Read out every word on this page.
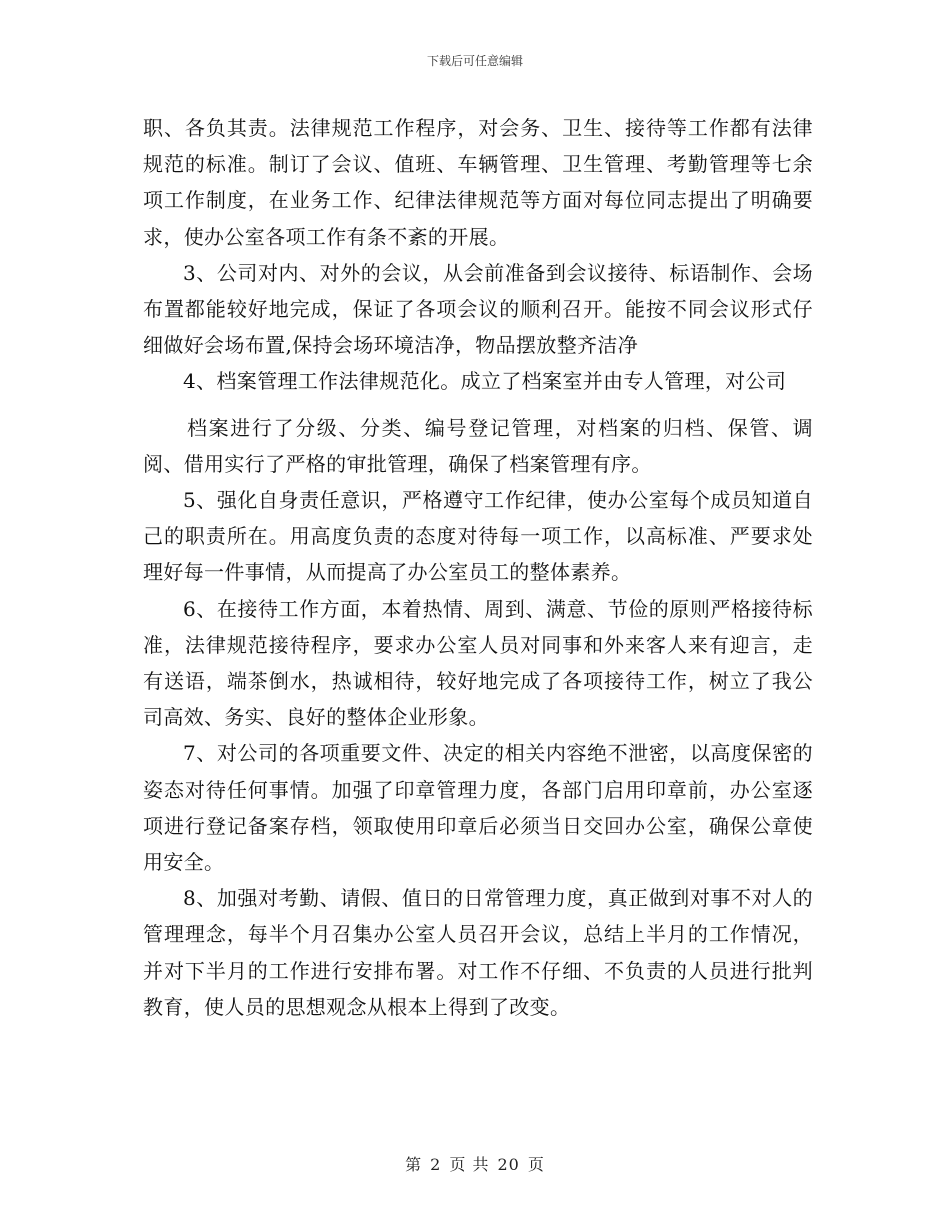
下载后可任意编辑

职、各负其责。法律规范工作程序，对会务、卫生、接待等工作都有法律规范的标准。制订了会议、值班、车辆管理、卫生管理、考勤管理等七余项工作制度，在业务工作、纪律法律规范等方面对每位同志提出了明确要求，使办公室各项工作有条不紊的开展。

3、公司对内、对外的会议，从会前准备到会议接待、标语制作、会场布置都能较好地完成，保证了各项会议的顺利召开。能按不同会议形式仔细做好会场布置,保持会场环境洁净，物品摆放整齐洁净

4、档案管理工作法律规范化。成立了档案室并由专人管理，对公司

档案进行了分级、分类、编号登记管理，对档案的归档、保管、调阅、借用实行了严格的审批管理，确保了档案管理有序。

5、强化自身责任意识，严格遵守工作纪律，使办公室每个成员知道自己的职责所在。用高度负责的态度对待每一项工作，以高标准、严要求处理好每一件事情，从而提高了办公室员工的整体素养。

6、在接待工作方面，本着热情、周到、满意、节俭的原则严格接待标准，法律规范接待程序，要求办公室人员对同事和外来客人来有迎言，走有送语，端茶倒水，热诚相待，较好地完成了各项接待工作，树立了我公司高效、务实、良好的整体企业形象。

7、对公司的各项重要文件、决定的相关内容绝不泄密，以高度保密的姿态对待任何事情。加强了印章管理力度，各部门启用印章前，办公室逐项进行登记备案存档，领取使用印章后必须当日交回办公室，确保公章使用安全。

8、加强对考勤、请假、值日的日常管理力度，真正做到对事不对人的管理理念，每半个月召集办公室人员召开会议，总结上半月的工作情况，并对下半月的工作进行安排布署。对工作不仔细、不负责的人员进行批判教育，使人员的思想观念从根本上得到了改变。

第 2 页 共 20 页
